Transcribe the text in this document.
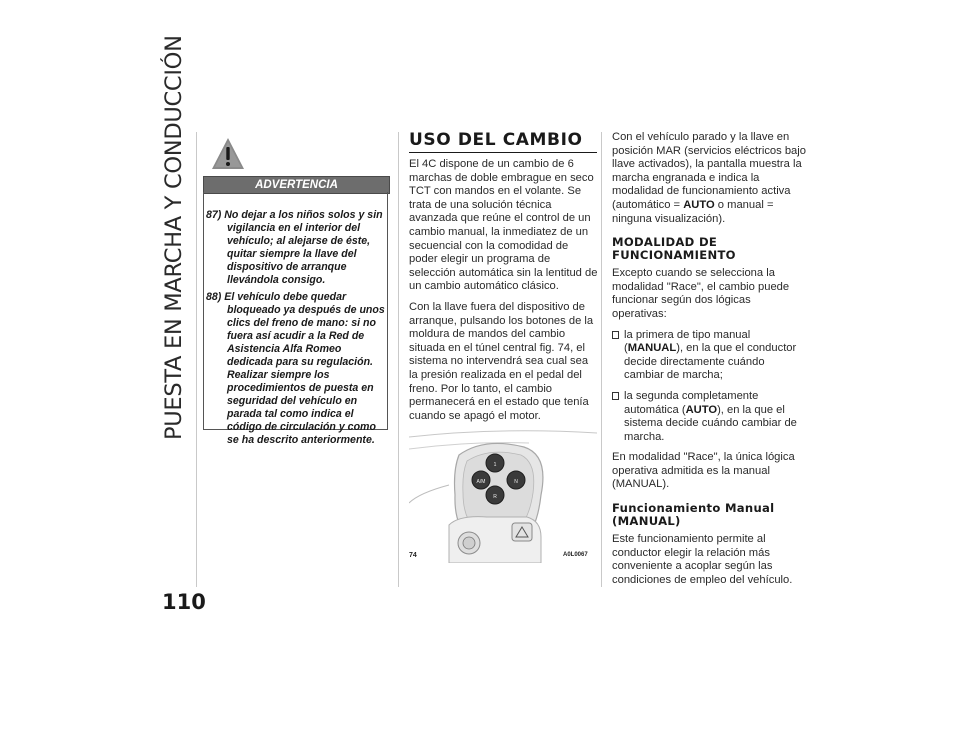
PUESTA EN MARCHA Y CONDUCCIÓN
110
ADVERTENCIA

87) No dejar a los niños solos y sin vigilancia en el interior del vehículo; al alejarse de éste, quitar siempre la llave del dispositivo de arranque llevándola consigo.

88) El vehículo debe quedar bloqueado ya después de unos clics del freno de mano: si no fuera así acudir a la Red de Asistencia Alfa Romeo dedicada para su regulación. Realizar siempre los procedimientos de puesta en seguridad del vehículo en parada tal como indica el código de circulación y como se ha descrito anteriormente.

USO DEL CAMBIO

El 4C dispone de un cambio de 6 marchas de doble embrague en seco TCT con mandos en el volante. Se trata de una solución técnica avanzada que reúne el control de un cambio manual, la inmediatez de un secuencial con la comodidad de poder elegir un programa de selección automática sin la lentitud de un cambio automático clásico.

Con la llave fuera del dispositivo de arranque, pulsando los botones de la moldura de mandos del cambio situada en el túnel central fig. 74, el sistema no intervendrá sea cual sea la presión realizada en el pedal del freno. Por lo tanto, el cambio permanecerá en el estado que tenía cuando se apagó el motor.

1
A/M	N
R
74	A0L0067

Con el vehículo parado y la llave en posición MAR (servicios eléctricos bajo llave activados), la pantalla muestra la marcha engranada e indica la modalidad de funcionamiento activa (automático = AUTO o manual = ninguna visualización).

MODALIDAD DE FUNCIONAMIENTO

Excepto cuando se selecciona la modalidad "Race", el cambio puede funcionar según dos lógicas operativas:

la primera de tipo manual (MANUAL), en la que el conductor decide directamente cuándo cambiar de marcha;
la segunda completamente automática (AUTO), en la que el sistema decide cuándo cambiar de marcha.

En modalidad "Race", la única lógica operativa admitida es la manual (MANUAL).

Funcionamiento Manual (MANUAL)

Este funcionamiento permite al conductor elegir la relación más conveniente a acoplar según las condiciones de empleo del vehículo.
